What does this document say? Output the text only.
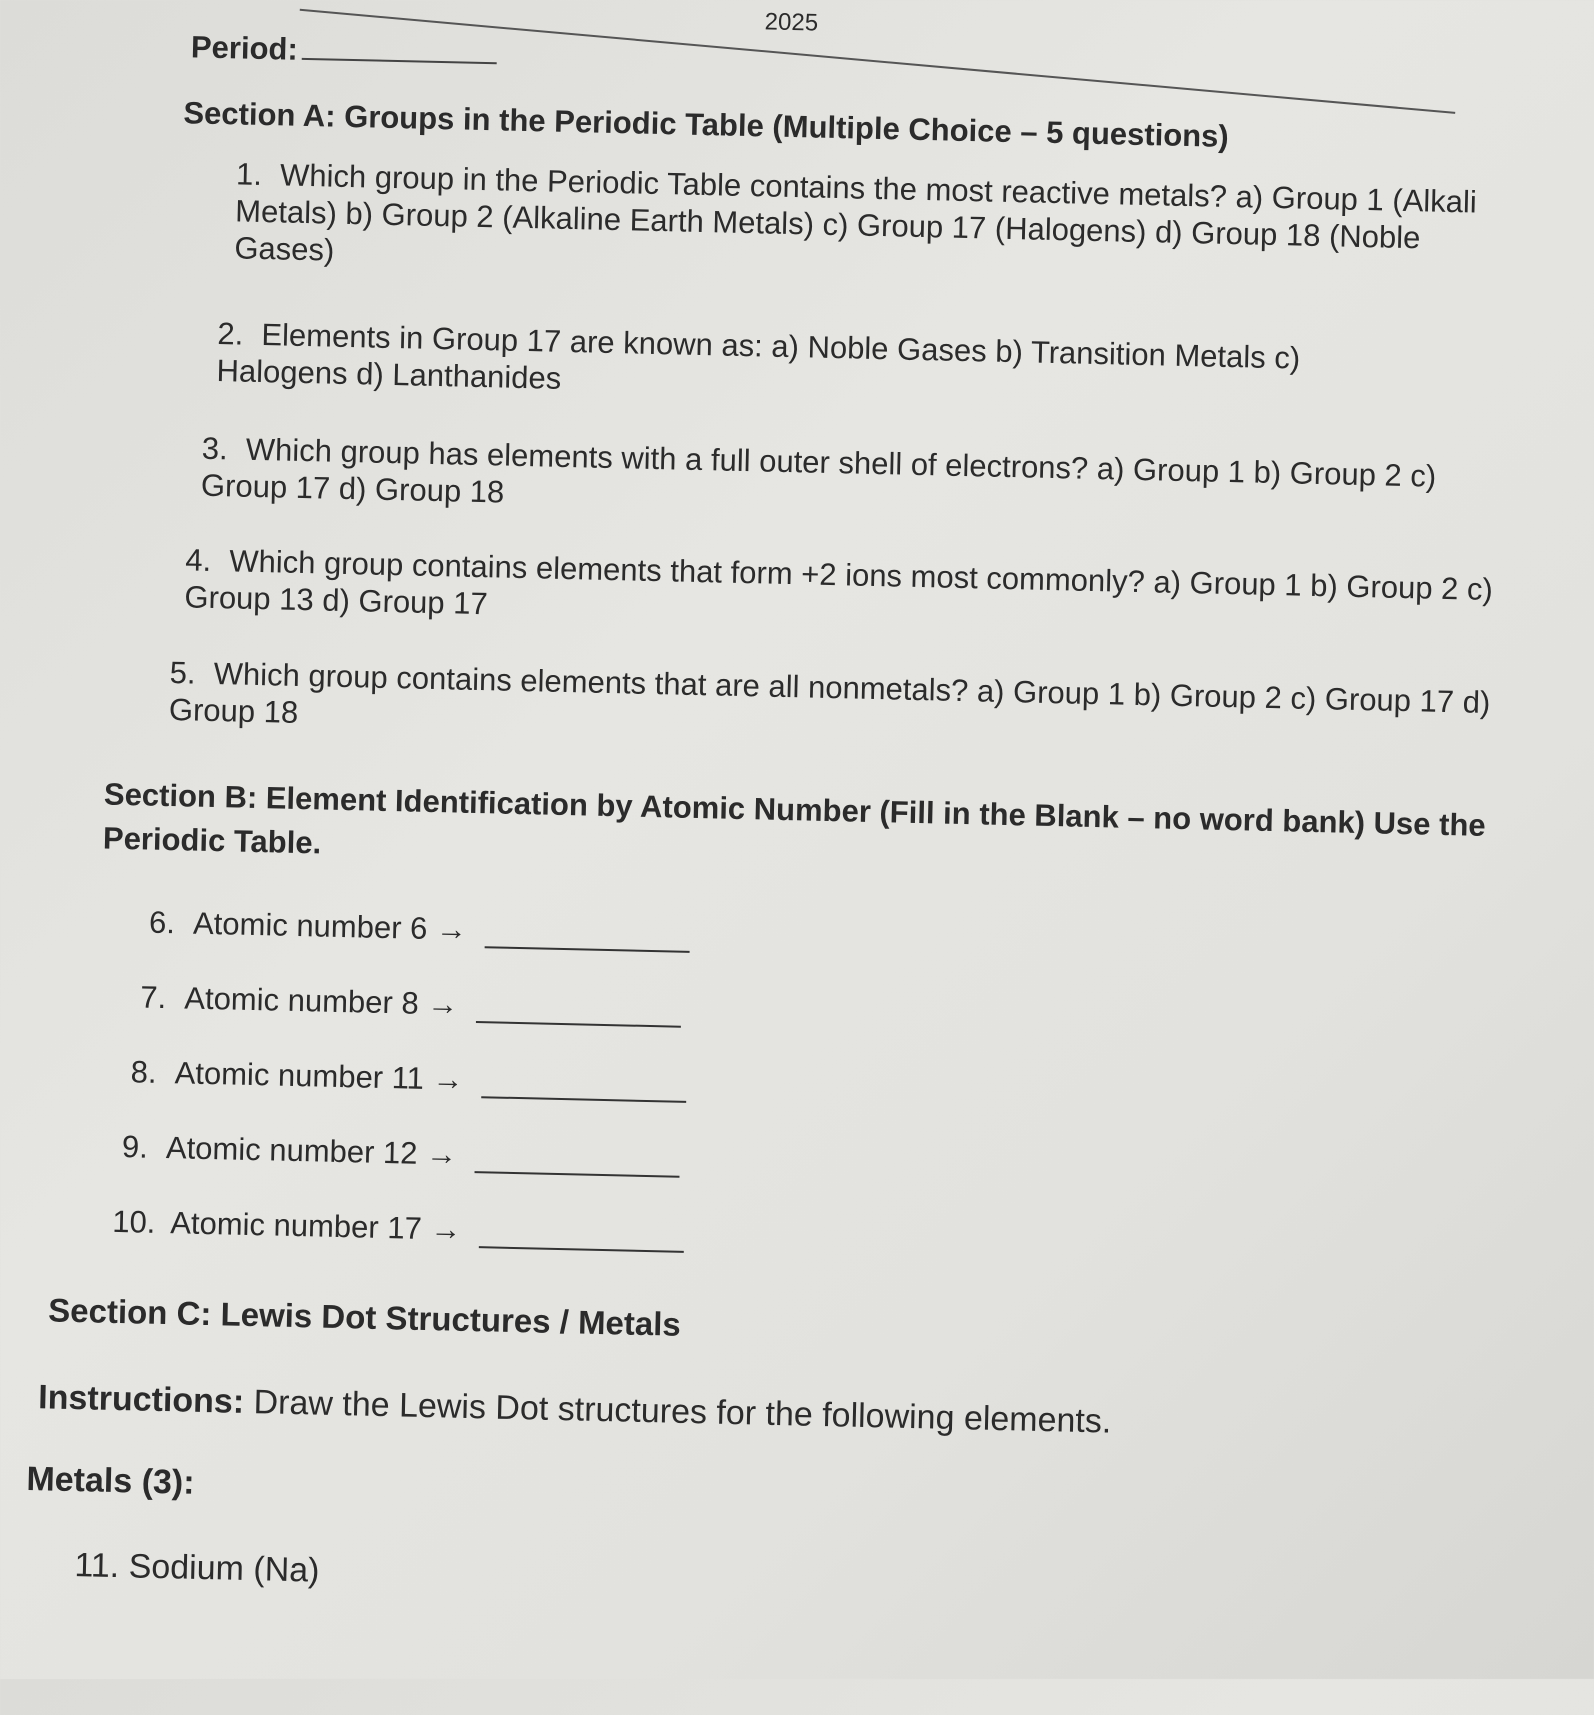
2025
Period:
Section A: Groups in the Periodic Table (Multiple Choice – 5 questions)
1. Which group in the Periodic Table contains the most reactive metals? a) Group 1 (Alkali Metals) b) Group 2 (Alkaline Earth Metals) c) Group 17 (Halogens) d) Group 18 (Noble Gases)
2. Elements in Group 17 are known as: a) Noble Gases b) Transition Metals c) Halogens d) Lanthanides
3. Which group has elements with a full outer shell of electrons? a) Group 1 b) Group 2 c) Group 17 d) Group 18
4. Which group contains elements that form +2 ions most commonly? a) Group 1 b) Group 2 c) Group 13 d) Group 17
5. Which group contains elements that are all nonmetals? a) Group 1 b) Group 2 c) Group 17 d) Group 18
Section B: Element Identification by Atomic Number (Fill in the Blank – no word bank) Use the Periodic Table.
6. Atomic number 6 →
7. Atomic number 8 →
8. Atomic number 11 →
9. Atomic number 12 →
10. Atomic number 17 →
Section C: Lewis Dot Structures / Metals
Instructions: Draw the Lewis Dot structures for the following elements.
Metals (3):
11. Sodium (Na)
